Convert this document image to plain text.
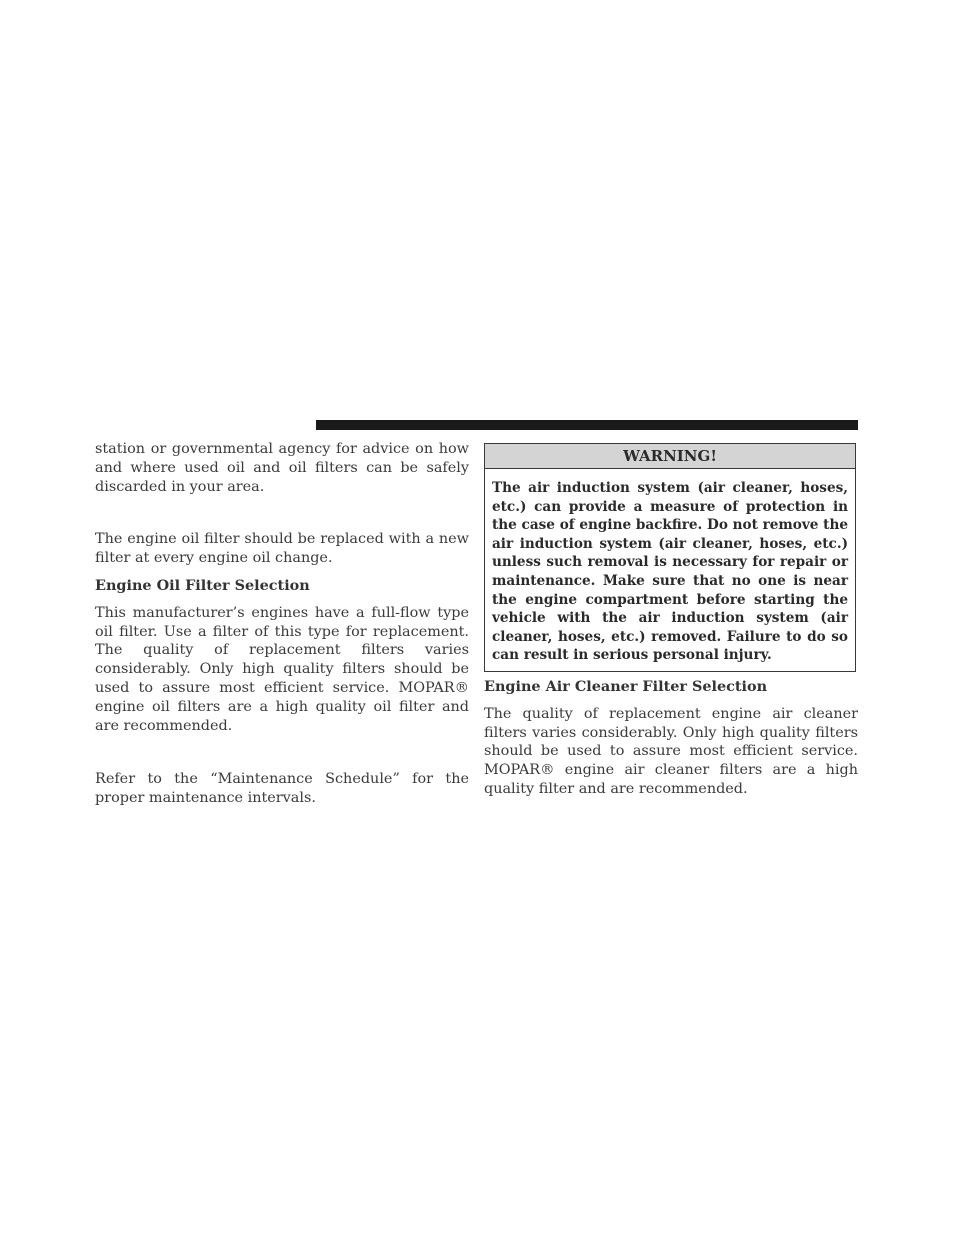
station or governmental agency for advice on how and where used oil and oil filters can be safely discarded in your area.

The engine oil filter should be replaced with a new filter at every engine oil change.

Engine Oil Filter Selection

This manufacturer’s engines have a full-flow type oil filter. Use a filter of this type for replacement. The quality of replacement filters varies considerably. Only high quality filters should be used to assure most efficient service. MOPAR® engine oil filters are a high quality oil filter and are recommended.

Refer to the “Maintenance Schedule” for the proper maintenance intervals.

WARNING!
The air induction system (air cleaner, hoses, etc.) can provide a measure of protection in the case of engine backfire. Do not remove the air induction system (air cleaner, hoses, etc.) unless such removal is necessary for repair or maintenance. Make sure that no one is near the engine compartment before starting the vehicle with the air induction system (air cleaner, hoses, etc.) removed. Failure to do so can result in serious personal injury.

Engine Air Cleaner Filter Selection

The quality of replacement engine air cleaner filters varies considerably. Only high quality filters should be used to assure most efficient service. MOPAR® engine air cleaner filters are a high quality filter and are recommended.
